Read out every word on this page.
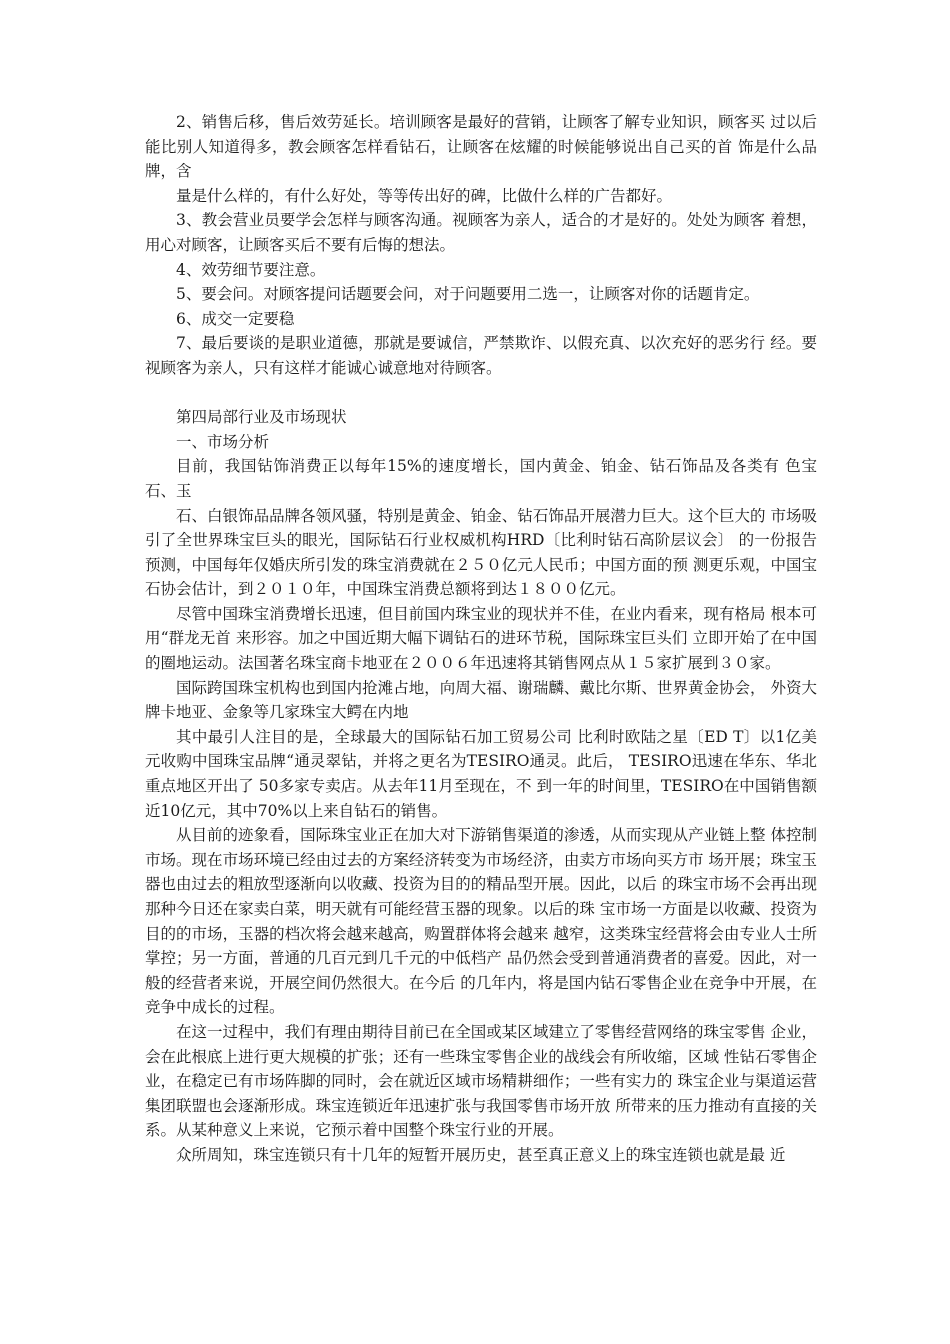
2、销售后移，售后效劳延长。培训顾客是最好的营销，让顾客了解专业知识，顾客买 过以后能比别人知道得多，教会顾客怎样看钻石，让顾客在炫耀的时候能够说出自己买的首 饰是什么品牌，含

量是什么样的，有什么好处，等等传出好的碑，比做什么样的广告都好。

3、教会营业员要学会怎样与顾客沟通。视顾客为亲人，适合的才是好的。处处为顾客 着想，用心对顾客，让顾客买后不要有后悔的想法。

4、效劳细节要注意。

5、要会问。对顾客提问话题要会问，对于问题要用二选一，让顾客对你的话题肯定。

6、成交一定要稳

7、最后要谈的是职业道德，那就是要诚信，严禁欺诈、以假充真、以次充好的恶劣行 经。要视顾客为亲人，只有这样才能诚心诚意地对待顾客。

第四局部行业及市场现状

一、市场分析

目前，我国钻饰消费正以每年15%的速度增长，国内黄金、铂金、钻石饰品及各类有 色宝石、玉

石、白银饰品品牌各领风骚，特别是黄金、铂金、钻石饰品开展潜力巨大。这个巨大的 市场吸引了全世界珠宝巨头的眼光，国际钻石行业权威机构HRD〔比利时钻石高阶层议会〕 的一份报告预测，中国每年仅婚庆所引发的珠宝消费就在２５０亿元人民币；中国方面的预 测更乐观，中国宝石协会估计，到２０１０年，中国珠宝消费总额将到达１８００亿元。

尽管中国珠宝消费增长迅速，但目前国内珠宝业的现状并不佳，在业内看来，现有格局 根本可用“群龙无首 来形容。加之中国近期大幅下调钻石的进环节税，国际珠宝巨头们 立即开始了在中国的圈地运动。法国著名珠宝商卡地亚在２００６年迅速将其销售网点从１５家扩展到３０家。

国际跨国珠宝机构也到国内抢滩占地，向周大福、谢瑞麟、戴比尔斯、世界黄金协会， 外资大牌卡地亚、金象等几家珠宝大鳄在内地

其中最引人注目的是，全球最大的国际钻石加工贸易公司 比利时欧陆之星〔ED T〕以1亿美元收购中国珠宝品牌“通灵翠钻，并将之更名为TESIRO通灵。此后， TESIRO迅速在华东、华北重点地区开出了 50多家专卖店。从去年11月至现在，不 到一年的时间里，TESIRO在中国销售额近10亿元，其中70%以上来自钻石的销售。

从目前的迹象看，国际珠宝业正在加大对下游销售渠道的渗透，从而实现从产业链上整 体控制市场。现在市场环境已经由过去的方案经济转变为市场经济，由卖方市场向买方市 场开展；珠宝玉器也由过去的粗放型逐渐向以收藏、投资为目的的精品型开展。因此，以后 的珠宝市场不会再出现那种今日还在家卖白菜，明天就有可能经营玉器的现象。以后的珠 宝市场一方面是以收藏、投资为目的的市场，玉器的档次将会越来越高，购置群体将会越来 越窄，这类珠宝经营将会由专业人士所掌控；另一方面，普通的几百元到几千元的中低档产 品仍然会受到普通消费者的喜爱。因此，对一般的经营者来说，开展空间仍然很大。在今后 的几年内，将是国内钻石零售企业在竞争中开展，在竞争中成长的过程。

在这一过程中，我们有理由期待目前已在全国或某区域建立了零售经营网络的珠宝零售 企业，会在此根底上进行更大规模的扩张；还有一些珠宝零售企业的战线会有所收缩，区域 性钻石零售企业，在稳定已有市场阵脚的同时，会在就近区域市场精耕细作；一些有实力的 珠宝企业与渠道运营集团联盟也会逐渐形成。珠宝连锁近年迅速扩张与我国零售市场开放 所带来的压力推动有直接的关系。从某种意义上来说，它预示着中国整个珠宝行业的开展。

众所周知，珠宝连锁只有十几年的短暂开展历史，甚至真正意义上的珠宝连锁也就是最 近
